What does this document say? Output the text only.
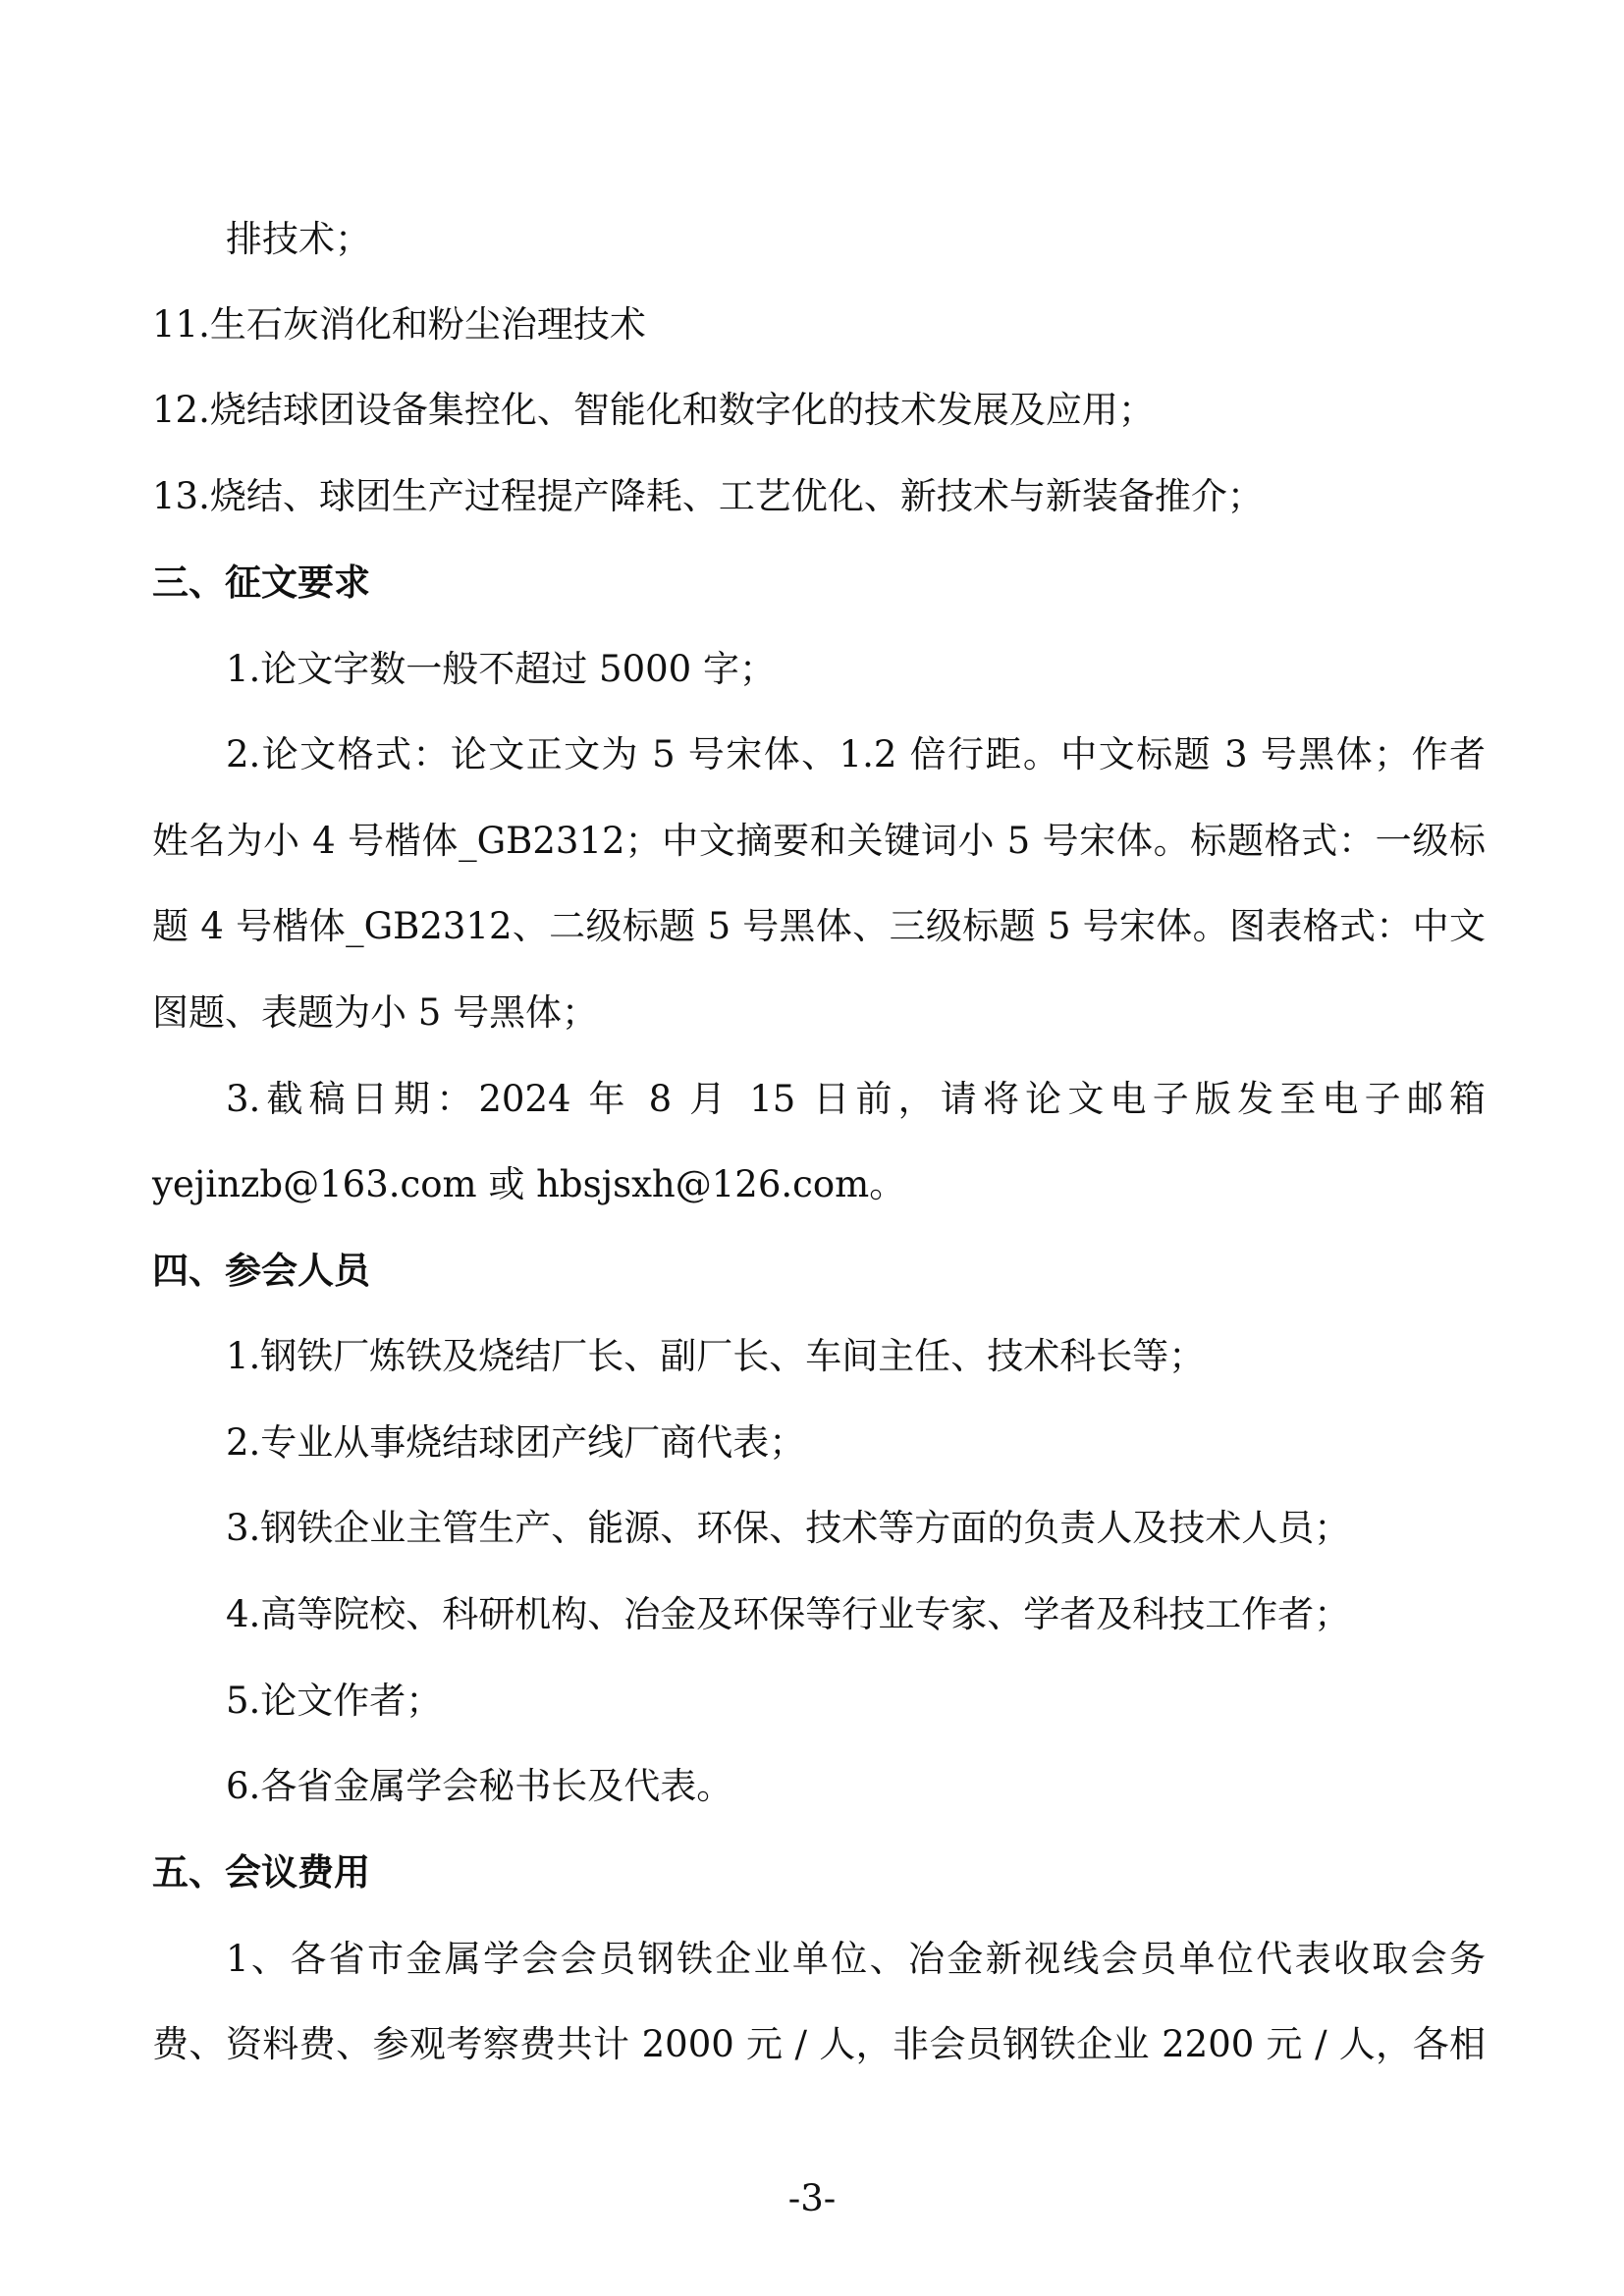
排技术；
11.生石灰消化和粉尘治理技术
12.烧结球团设备集控化、智能化和数字化的技术发展及应用；
13.烧结、球团生产过程提产降耗、工艺优化、新技术与新装备推介；
三、征文要求
1.论文字数一般不超过 5000 字；
2.论文格式：论文正文为 5 号宋体、1.2 倍行距。中文标题 3 号黑体；作者
姓名为小 4 号楷体_GB2312；中文摘要和关键词小 5 号宋体。标题格式：一级标
题 4 号楷体_GB2312、二级标题 5 号黑体、三级标题 5 号宋体。图表格式：中文
图题、表题为小 5 号黑体；
3.截稿日期：2024 年 8 月 15 日前，请将论文电子版发至电子邮箱
yejinzb@163.com 或 hbsjsxh@126.com。
四、参会人员
1.钢铁厂炼铁及烧结厂长、副厂长、车间主任、技术科长等；
2.专业从事烧结球团产线厂商代表；
3.钢铁企业主管生产、能源、环保、技术等方面的负责人及技术人员；
4.高等院校、科研机构、冶金及环保等行业专家、学者及科技工作者；
5.论文作者；
6.各省金属学会秘书长及代表。
五、会议费用
1、各省市金属学会会员钢铁企业单位、冶金新视线会员单位代表收取会务
费、资料费、参观考察费共计 2000 元 / 人，非会员钢铁企业 2200 元 / 人，各相
-3-
